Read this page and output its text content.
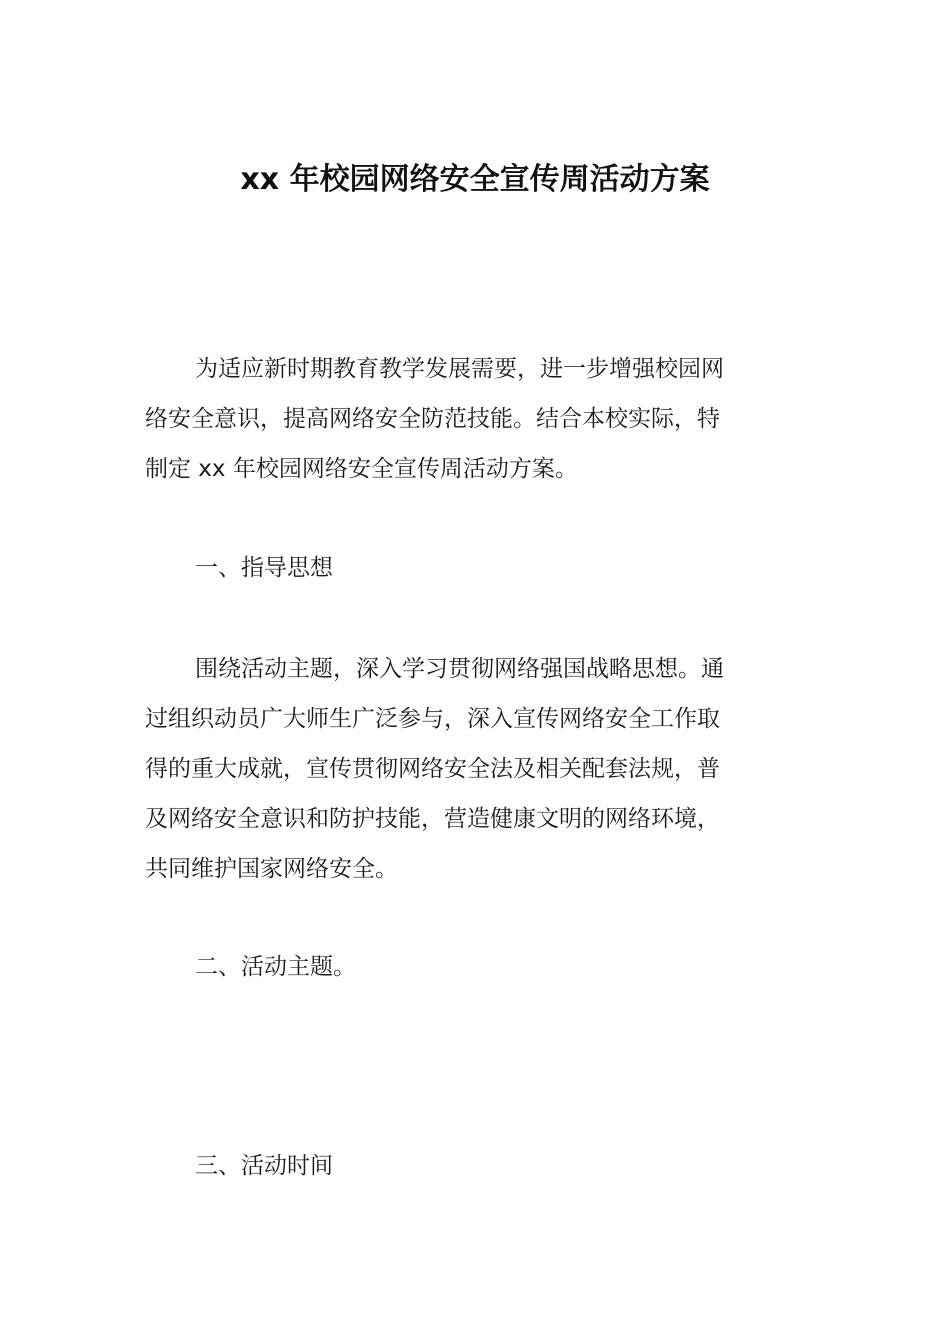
xx 年校园网络安全宣传周活动方案
为适应新时期教育教学发展需要，进一步增强校园网
络安全意识，提高网络安全防范技能。结合本校实际，特
制定 xx 年校园网络安全宣传周活动方案。
一、指导思想
围绕活动主题，深入学习贯彻网络强国战略思想。通
过组织动员广大师生广泛参与，深入宣传网络安全工作取
得的重大成就，宣传贯彻网络安全法及相关配套法规，普
及网络安全意识和防护技能，营造健康文明的网络环境，
共同维护国家网络安全。
二、活动主题。
三、活动时间
